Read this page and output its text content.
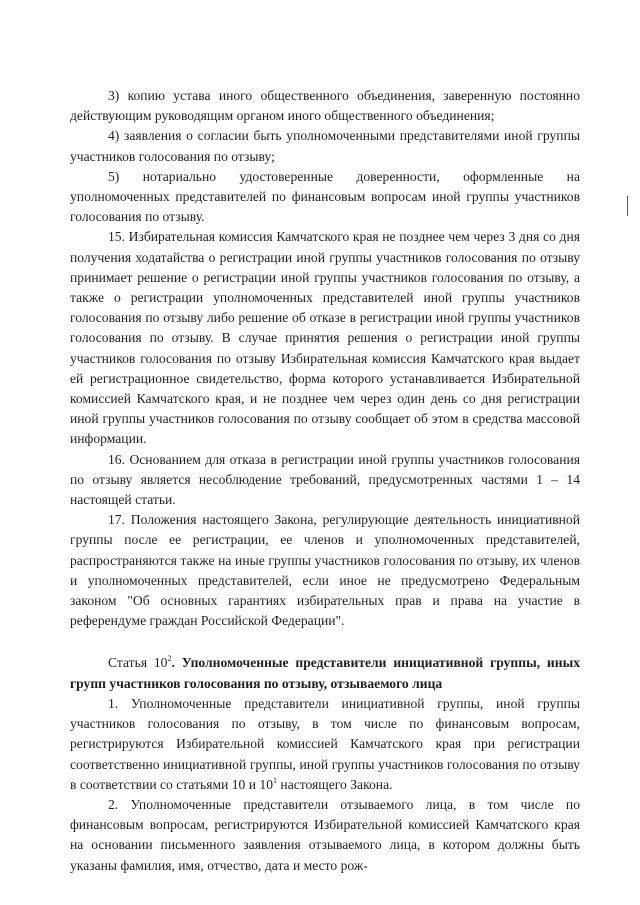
3) копию устава иного общественного объединения, заверенную постоянно действующим руководящим органом иного общественного объединения;

4) заявления о согласии быть уполномоченными представителями иной группы участников голосования по отзыву;

5) нотариально удостоверенные доверенности, оформленные на уполномоченных представителей по финансовым вопросам иной группы участников голосования по отзыву.

15. Избирательная комиссия Камчатского края не позднее чем через 3 дня со дня получения ходатайства о регистрации иной группы участников голосования по отзыву принимает решение о регистрации иной группы участников голосования по отзыву, а также о регистрации уполномоченных представителей иной группы участников голосования по отзыву либо решение об отказе в регистрации иной группы участников голосования по отзыву. В случае принятия решения о регистрации иной группы участников голосования по отзыву Избирательная комиссия Камчатского края выдает ей регистрационное свидетельство, форма которого устанавливается Избирательной комиссией Камчатского края, и не позднее чем через один день со дня регистрации иной группы участников голосования по отзыву сообщает об этом в средства массовой информации.

16. Основанием для отказа в регистрации иной группы участников голосования по отзыву является несоблюдение требований, предусмотренных частями 1 – 14 настоящей статьи.

17. Положения настоящего Закона, регулирующие деятельность инициативной группы после ее регистрации, ее членов и уполномоченных представителей, распространяются также на иные группы участников голосования по отзыву, их членов и уполномоченных представителей, если иное не предусмотрено Федеральным законом "Об основных гарантиях избирательных прав и права на участие в референдуме граждан Российской Федерации".

Статья $10^2$. Уполномоченные представители инициативной группы, иных групп участников голосования по отзыву, отзываемого лица

1. Уполномоченные представители инициативной группы, иной группы участников голосования по отзыву, в том числе по финансовым вопросам, регистрируются Избирательной комиссией Камчатского края при регистрации соответственно инициативной группы, иной группы участников голосования по отзыву в соответствии со статьями 10 и $10^1$ настоящего Закона.

2. Уполномоченные представители отзываемого лица, в том числе по финансовым вопросам, регистрируются Избирательной комиссией Камчатского края на основании письменного заявления отзываемого лица, в котором должны быть указаны фамилия, имя, отчество, дата и место рож-
